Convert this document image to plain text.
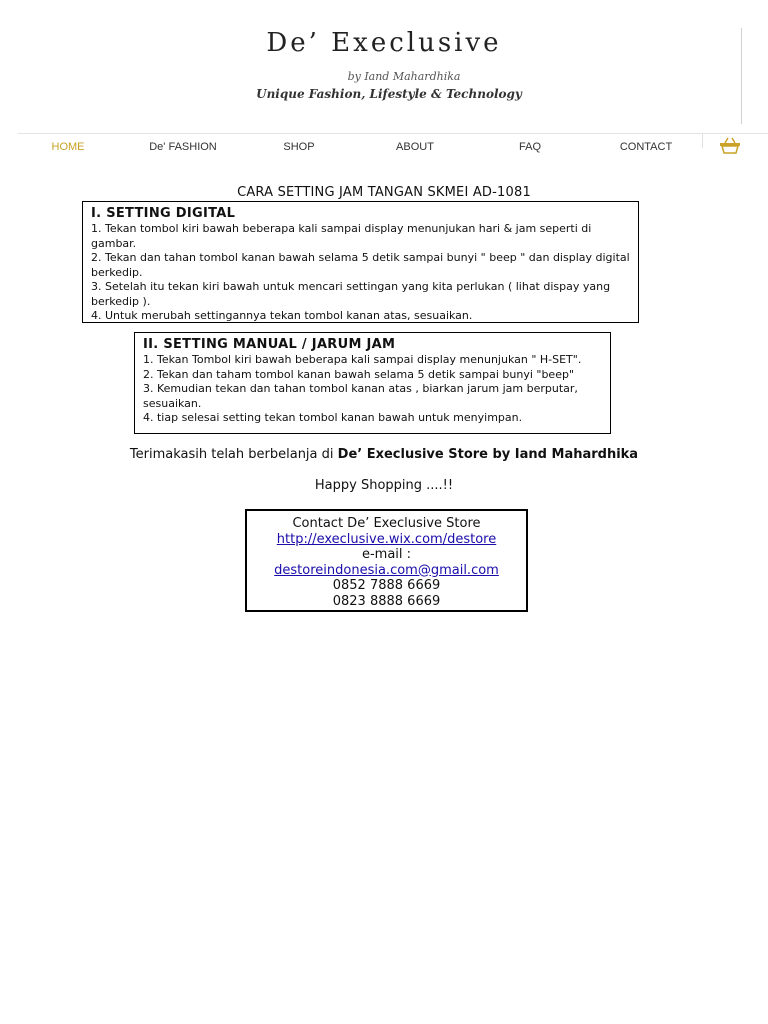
De’ Execlusive
by Iand Mahardhika
Unique Fashion, Lifestyle & Technology
HOME	De' FASHION	SHOP	ABOUT	FAQ	CONTACT
CARA SETTING JAM TANGAN SKMEI AD-1081
I. SETTING DIGITAL

1. Tekan tombol kiri bawah beberapa kali sampai display menunjukan hari & jam seperti di gambar.

2. Tekan dan tahan tombol kanan bawah selama 5 detik sampai bunyi " beep " dan display digital berkedip.

3. Setelah itu tekan kiri bawah untuk mencari settingan yang kita perlukan ( lihat dispay yang berkedip ).

4. Untuk merubah settingannya tekan tombol kanan atas, sesuaikan.

II. SETTING MANUAL / JARUM JAM

1. Tekan Tombol kiri bawah beberapa kali sampai display menunjukan " H-SET".

2. Tekan dan taham tombol kanan bawah selama 5 detik sampai bunyi "beep"

3. Kemudian tekan dan tahan tombol kanan atas , biarkan jarum jam berputar, sesuaikan.

4. tiap selesai setting tekan tombol kanan bawah untuk menyimpan.

Terimakasih telah berbelanja di De’ Execlusive Store by Iand Mahardhika
Happy Shopping ....!!
Contact De’ Execlusive Store
http://execlusive.wix.com/destore
e-mail :
destoreindonesia.com@gmail.com
0852 7888 6669
0823 8888 6669
